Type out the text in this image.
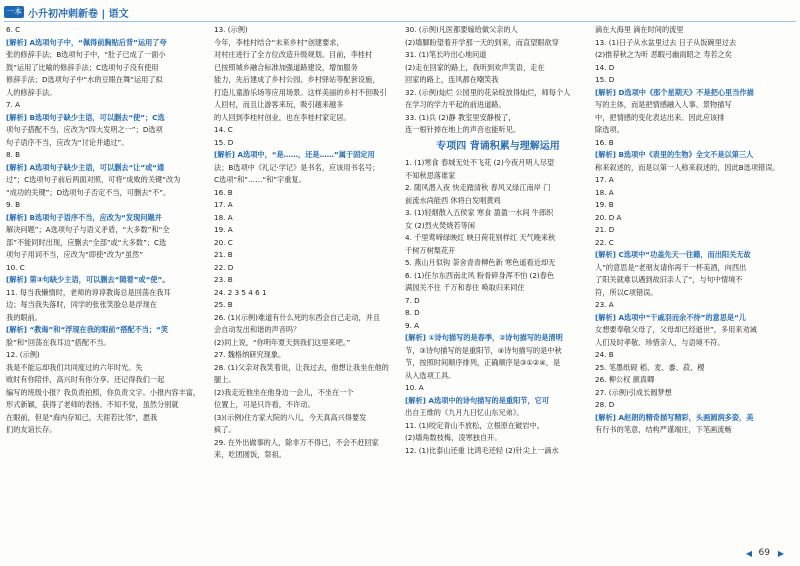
一本 小升初冲刺新卷 | 语文
6. C
[解析] A选项句子中，“佩得前胸贴后背”运用了夸
张的修辞手法；B选项句子中，“肚子已成了一面小
鼓”运用了比喻的修辞手法；C选项句子没有使用
修辞手法；D选项句子中“水的豆眼在舞”运用了拟
人的修辞手法。
7. A
[解析] B选项句子缺少主语，可以删去“使”；C选
项句子搭配不当，应改为“四大发明之一”；D选项
句子语序不当，应改为“讨论并通过”。
8. B
[解析] A选项句子缺少主语，可以删去“让”或“通
过”；C选项句子前后两面对照，可将“成败的关键”改为
“成功的关键”；D选项句子否定不当，可删去“不”。
9. B
[解析] B选项句子语序不当，应改为“发现问题并
解决问题”；A选项句子与语义矛盾，“大多数”和“全
部”不能同时出现，应删去“全部”或“大多数”；C选
项句子用词不当，应改为“即使”改为“虽然”
10. C
[解析] 第③句缺少主语，可以删去“随着”或“使”。
11. 每当我懒惰时，老师的谆谆教诲总是回荡在我耳
边；每当我失落时，同学的张张笑脸总是浮现在
我的眼前。
[解析] “教诲”和“浮现在我的眼前”搭配不当；“笑
脸”和“回荡在我耳边”搭配不当。
12. (示例)
我是不能忘却我们共同度过的六年时光。失
败时有你陪伴，高兴时有你分享。还记得我们一起
编写的班级小报？我负责拍照，你负责文字。小报内容丰富，
形式新颖，获得了老师的表扬。不知不觉，虽然分别就
在眼前，但是“海内存知己，天涯若比邻”，愿我
们的友谊长存。
13. (示例)
今年，李桂村结合“未来乡村”创建要求，
对村庄进行了全方位改造升级规划。目前，李桂村
已按照城乡融合标准加强道路建设，增加服务
能力，先后建成了乡村公园、乡村驿站等配套设施，
打造儿童游乐场等应用场景。这样美丽的乡村不但吸引
人回村，而且让游客来玩，吸引越来越多
的人回到李桂村创业，也在李桂村家定居。
14. C
15. D
[解析] A选项中，“是……，还是……”属于固定用
法；B选项中《礼记·学记》是书名，应该用书名号；
C选项“和”……“和”字重复。
16. B
17. A
18. A
19. A
20. C
21. B
22. D
23. B
24. 2 3 5 4 6 1
25. B
26. (1)(示例)难道有什么死的东西会自己走动，并且
会自动发出和谐的声音吗？
(2)同上说，“你明年夏天到我们这里来吧。”
27. 魏格纳研究现象。
28. (1)父亲对我笑着说，让我过去，他想让我坐在他的
腿上。
(2)我走近他坐在他身边一会儿，不坐在一个
位置上，可是只许看，不许动。
(3)(示例)住方家大院的八儿，今天真高兴得要发
疯了。
29. 在外出做事的人，除非万不得已，不会不赶回家
来，吃团圆饭，祭祖。
30. (示例)凡医都要嫁给做父亲的人
(2)墙脚盼望着开学那一天的到来，而直望眼欲穿
31. (1)笔长吟出心地问道
(2)走在回家的路上，我听到欢声笑语，走在
回家的路上，连风都在嘲笑我
32. (示例)灿烂 公园里的花朵绽放得灿烂，师每个人
在学习的学力平起的前进道路。
33. (1)兵 (2)静 教室里安静极了，
连一根针掉在地上的声音也能听见。
专项四 背诵积累与理解运用
1. (1)寒食 春城无处不飞花 (2)今夜月明人尽望
不知秋思落谁家
2. 随风潜入夜 快走踏清秋 春风又绿江南岸 门
前流水尚能西 休将白发唱黄鸡
3. (1)轻烟散入五侯家 寒食 盈盈一水间 牛郎织
女 (2)烈火焚烧若等闲
4. 千里莺啼绿映红 映日荷花别样红 天气晚来秋
千树万树梨花开
5. 燕山月似钩 荼舍青青柳色新 寒色遥看近却无
6. (1)任尔东西南北风 粉骨碎身浑不怕 (2)春色
满园关不住 千万和春住 唤取归来同住
7. D
8. D
9. A
[解析] ①诗句描写的是春季，②诗句描写的是清明
节，③诗句描写的是重阳节，④诗句描写的是中秋
节，按照时间顺序排列，正确顺序是③①②④，是
从入选项工具。
10. A
[解析] A选项中的诗句描写的是重阳节，它可
出自王维的《九月九日忆山东兄弟》。
11. (1)咬定青山不放松，立根原在破岩中。
(2)墙角数枝梅，凌寒独自开。
12. (1)比泰山还重 比鸿毛还轻 (2)针尖上一滴水
滴在大海里 滴在时间的流里
13. (1)日子从水盆里过去 日子从饭碗里过去
(2)推荐秋之为听 恶暇弓幽雨昭之 寿若之矣
14. D
15. D
[解析] D选项中《那个星期天》不是把心里当作描
写的主体，而是把情感融入人事、景物描写
中，把情感的变化表达出来。因此应该排
除选项。
16. B
[解析] B选项中《表里的生物》全文不是以第三人
称来叙述的，而是以第一人称来叙述的，因此B选项错误。
17. A
18. A
19. B
20. D A
21. D
22. C
[解析] C选项中“功盖先天一往籍，而出阳关无故
人”的意思是“老朋友请你再干一杯美酒，向西出
了阳关就难以遇到故旧亲人了”，与句中情境不
符，所以C项错误。
23. A
[解析] A选项中“干戚羽而余不待”的意思是“儿
女想要奉敬父母了，父母却已经逝世”，多用来劝诫
人们及时孝敬、珍惜亲人，与语境不符。
24. B
25. 笔墨纸砚 稻、麦、黍、菽、稷
26. 柳公权 颜真卿
27. (示例)引成长圆梦想
28. D
[解析] A赵朗的精奇描写精彩，头画圆润多姿，美
有行书的笔意，结构严谨端庄，下笔画流畅
◀ 69 ▶
